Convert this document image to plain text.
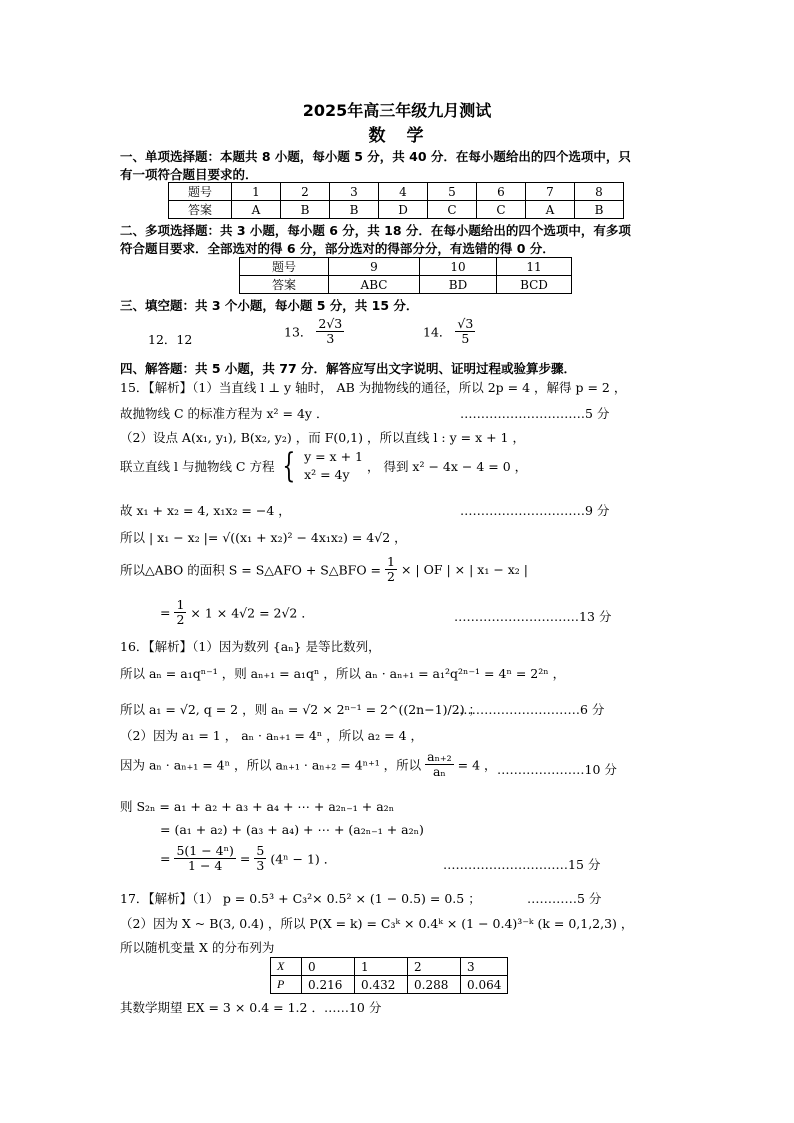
2025年高三年级九月测试
数　学
一、单项选择题：本题共 8 小题，每小题 5 分，共 40 分．在每小题给出的四个选项中，只
有一项符合题目要求的．
题号	1	2	3	4	5	6	7	8
答案	A	B	B	D	C	C	A	B
二、多项选择题：共 3 小题，每小题 6 分，共 18 分．在每小题给出的四个选项中，有多项
符合题目要求．全部选对的得 6 分，部分选对的得部分分，有选错的得 0 分．
题号	9	10	11
答案	ABC	BD	BCD
三、填空题：共 3 个小题，每小题 5 分，共 15 分．
12．12
13． $\frac{2√3}{3}$	14． $\frac{√3}{5}$
四、解答题：共 5 小题，共 77 分．解答应写出文字说明、证明过程或验算步骤．
15．【解析】（1）当直线 l ⊥ y 轴时， AB 为抛物线的通径，所以 2p = 4 ，解得 p = 2 ，
故抛物线 C 的标准方程为 x² = 4y ．	…………………………5 分
（2）设点 A(x₁, y₁), B(x₂, y₂) ，而 F(0,1) ，所以直线 l : y = x + 1 ，
联立直线 l 与抛物线 C 方程 { y = x + 1
x² = 4y
， 得到 x² − 4x − 4 = 0 ，
故 x₁ + x₂ = 4, x₁x₂ = −4 ，	…………………………9 分
所以 | x₁ − x₂ |= √((x₁ + x₂)² − 4x₁x₂) = 4√2 ，
所以△ABO 的面积 S = S△AFO + S△BFO = $\frac{1}{2}$ × | OF | × | x₁ − x₂ |
= $\frac{1}{2} \times 1 \times 4√2 = 2√2$ ．	…………………………13 分
16．【解析】（1）因为数列 {aₙ} 是等比数列，
所以 aₙ = a₁qⁿ⁻¹ ，则 aₙ₊₁ = a₁qⁿ ，所以 aₙ · aₙ₊₁ = a₁²q²ⁿ⁻¹ = 4ⁿ = 2²ⁿ ，
所以 a₁ = √2, q = 2 ，则 aₙ = √2 × 2ⁿ⁻¹ = 2^((2n−1)/2) ；
…………………………6 分
（2）因为 a₁ = 1 ， aₙ · aₙ₊₁ = 4ⁿ ，所以 a₂ = 4 ，
因为 aₙ · aₙ₊₁ = 4ⁿ ，所以 aₙ₊₁ · aₙ₊₂ = 4ⁿ⁺¹ ，所以 $\frac{\text{aₙ₊₂}}{\text{aₙ}} = 4$ ， …………………10 分
则 S₂ₙ = a₁ + a₂ + a₃ + a₄ + ⋯ + a₂ₙ₋₁ + a₂ₙ
= (a₁ + a₂) + (a₃ + a₄) + ⋯ + (a₂ₙ₋₁ + a₂ₙ)
= $\frac{\text{5(1 − 4ⁿ)}}{1 - 4} = \frac{5}{3} (4^n - 1)$ ．	…………………………15 分
17．【解析】（1） p = 0.5³ + C₃²× 0.5² × (1 − 0.5) = 0.5 ；	…………5 分
（2）因为 X ~ B(3, 0.4) ，所以 P(X = k) = C₃ᵏ × 0.4ᵏ × (1 − 0.4)³⁻ᵏ (k = 0,1,2,3) ，
所以随机变量 X 的分布列为
X	0	1	2	3
P	0.216	0.432	0.288	0.064
其数学期望 EX = 3 × 0.4 = 1.2 ．……10 分
